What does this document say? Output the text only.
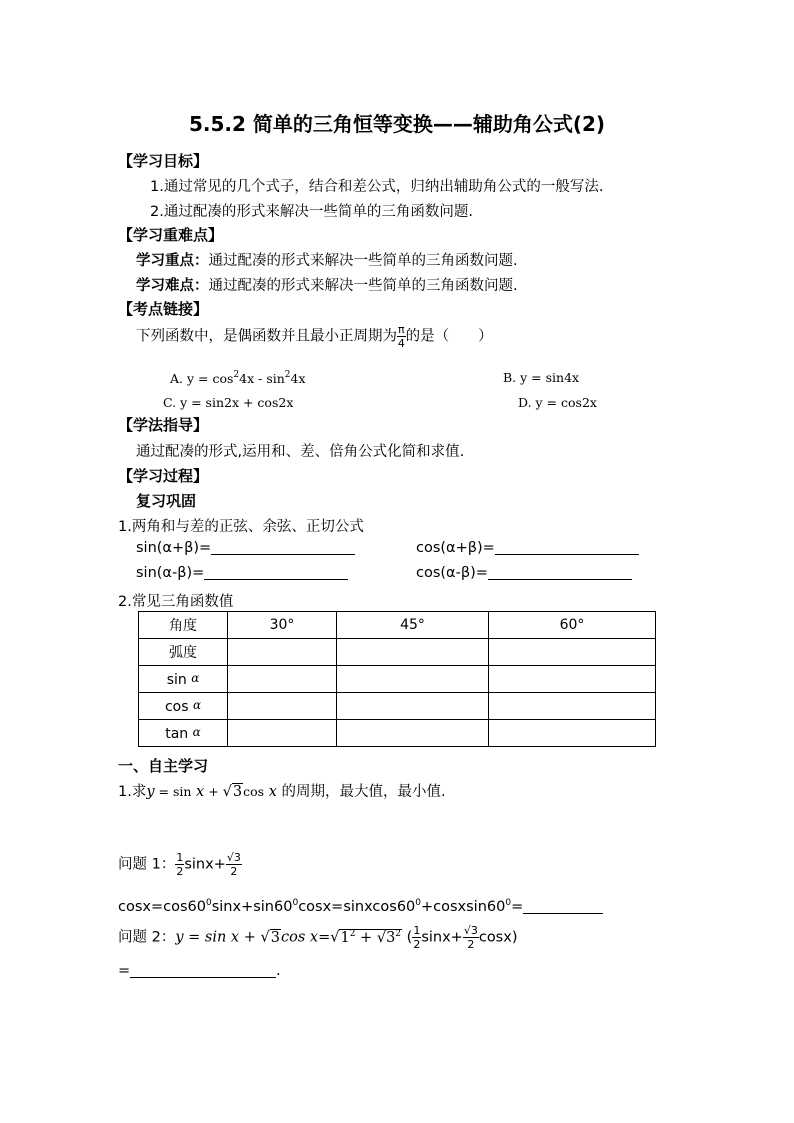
5.5.2 简单的三角恒等变换——辅助角公式(2)
【学习目标】
1.通过常见的几个式子，结合和差公式，归纳出辅助角公式的一般写法.
2.通过配凑的形式来解决一些简单的三角函数问题.
【学习重难点】
学习重点：通过配凑的形式来解决一些简单的三角函数问题.
学习难点：通过配凑的形式来解决一些简单的三角函数问题.
【考点链接】
下列函数中，是偶函数并且最小正周期为 $\frac{\pi}{4}$ 的是（　　）
A. $y = \cos^24x - \sin^24x$	B. y = sin4x
C. y = sin2x + cos2x	D. y = cos2x
【学法指导】
通过配凑的形式,运用和、差、倍角公式化简和求值.
【学习过程】
复习巩固
1.两角和与差的正弦、余弦、正切公式
sin(α+β)=	cos(α+β)=
sin(α-β)=	cos(α-β)=
2.常见三角函数值
角度	30°	45°	60°
弧度			
sin α			
cos α			
tan α			
一、自主学习
1.求y = sin x + √3cos x 的周期，最大值，最小值.
问题 1： $\frac{1}{2} \sin x+ \frac{√3}{2}$
$\cos x=\cos 60^0\sin x+\sin 60^0\cos x=sinxcos60^0+cosxsin60^0=$
问题 2：y = sin x + √3cos $x=√1^2 + √3^2$ ( $\frac{1}{2} \sin x+ \frac{√3}{2} \cos x$)
=	.
